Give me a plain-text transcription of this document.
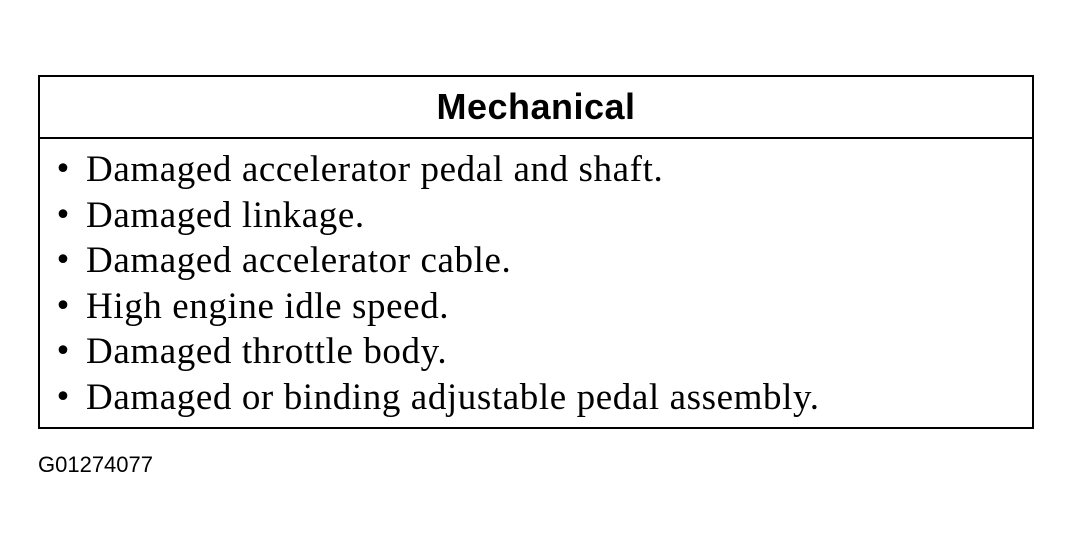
Mechanical
• Damaged accelerator pedal and shaft.
• Damaged linkage.
• Damaged accelerator cable.
• High engine idle speed.
• Damaged throttle body.
• Damaged or binding adjustable pedal assembly.
G01274077
